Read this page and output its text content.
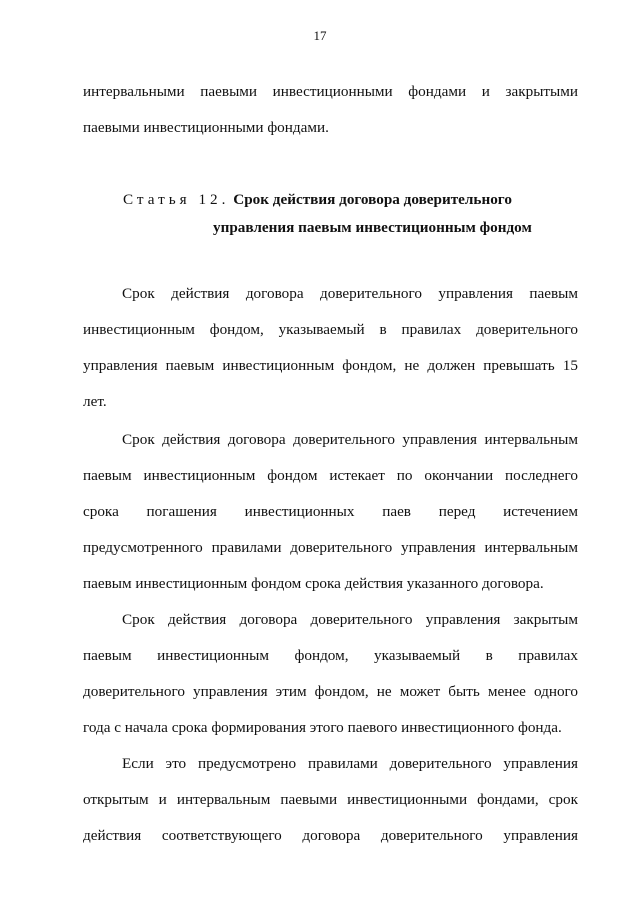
17
интервальными паевыми инвестиционными фондами и закрытыми
паевыми инвестиционными фондами.
Статья 12. Срок действия договора доверительного
управления паевым инвестиционным фондом
Срок действия договора доверительного управления паевым
инвестиционным фондом, указываемый в правилах доверительного
управления паевым инвестиционным фондом, не должен превышать 15
лет.
Срок действия договора доверительного управления интервальным
паевым инвестиционным фондом истекает по окончании последнего
срока погашения инвестиционных паев перед истечением
предусмотренного правилами доверительного управления интервальным
паевым инвестиционным фондом срока действия указанного договора.
Срок действия договора доверительного управления закрытым
паевым инвестиционным фондом, указываемый в правилах
доверительного управления этим фондом, не может быть менее одного
года с начала срока формирования этого паевого инвестиционного фонда.
Если это предусмотрено правилами доверительного управления
открытым и интервальным паевыми инвестиционными фондами, срок
действия соответствующего договора доверительного управления
